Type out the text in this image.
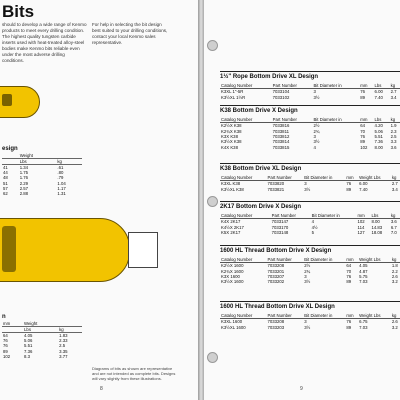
Bits
should to develop a wide range of Kenmo products to meet every drilling condition. The highest quality tungsten carbide inserts used with heat-treated alloy-steel bodies make Kenmo bits reliable even under the most adverse drilling conditions.
For help in selecting the bit design best suited to your drilling conditions, contact your local Kenmo sales representative.
esign
	Weight	
	Lbs	kg
41	1.34	.61
44	1.75	.80
48	1.76	.79
51	2.29	1.04
57	2.57	1.17
62	2.88	1.31
n
mm	Weight	
	Lbs	kg
64	4.05	1.83
76	5.06	2.33
76	5.51	2.5
89	7.36	3.35
102	8.3	3.77
Diagrams of bits as shown are representative and are not intended as complete bits. Designs will vary slightly from these illustrations.
8
1½" Rope Bottom Drive XL Design
Catalog Number	Part Number	Bit Diameter in	mm	Lbs	kg
K3XL 1"-5R	7033104	3	76	6.00	2.7
K3½XL 1½R	7033102	3½	89	7.40	3.4
K38 Bottom Drive X Design
Catalog Number	Part Number	Bit Diameter in	mm	Lbs	kg
K2½X K38	7033816	2½	64	4.20	1.9
K2¾X K38	7033811	2¾	70	5.06	2.3
K3X K38	7033812	3	76	5.51	2.5
K3½X K38	7033814	3½	89	7.36	3.3
K4X K38	7033815	4	102	8.00	3.6
K38 Bottom Drive XL Design
Catalog Number	Part Number	Bit Diameter in	mm	Weight Lbs	kg
K3XL K38	7033820	3	76	6.00	2.7
K3½XL K38	7033821	3½	89	7.40	3.4
2K17 Bottom Drive X Design
Catalog Number	Part Number	Bit Diameter in	mm	Lbs	kg
K4X 2K17	7033147	4	102	8.00	3.6
K4½X 2K17	7033170	4½	114	14.83	6.7
K5X 2K17	7033148	5	127	18.08	7.0
1600 HL Thread Bottom Drive X Design
Catalog Number	Part Number	Bit Diameter in	mm	Weight Lbs	kg
K2½X 1600	7033208	2½	64	4.05	1.8
K2¾X 1600	7033201	2¾	70	4.87	2.2
K3X 1600	7033207	3	76	5.75	2.6
K3½X 1600	7033202	3½	89	7.03	3.2
1600 HL Thread Bottom Drive XL Design
Catalog Number	Part Number	Bit Diameter in	mm	Weight Lbs	kg
K3XL 1600	7033208	3	76	6.75	2.6
K3½XL 1600	7033203	3½	89	7.03	3.2
9
